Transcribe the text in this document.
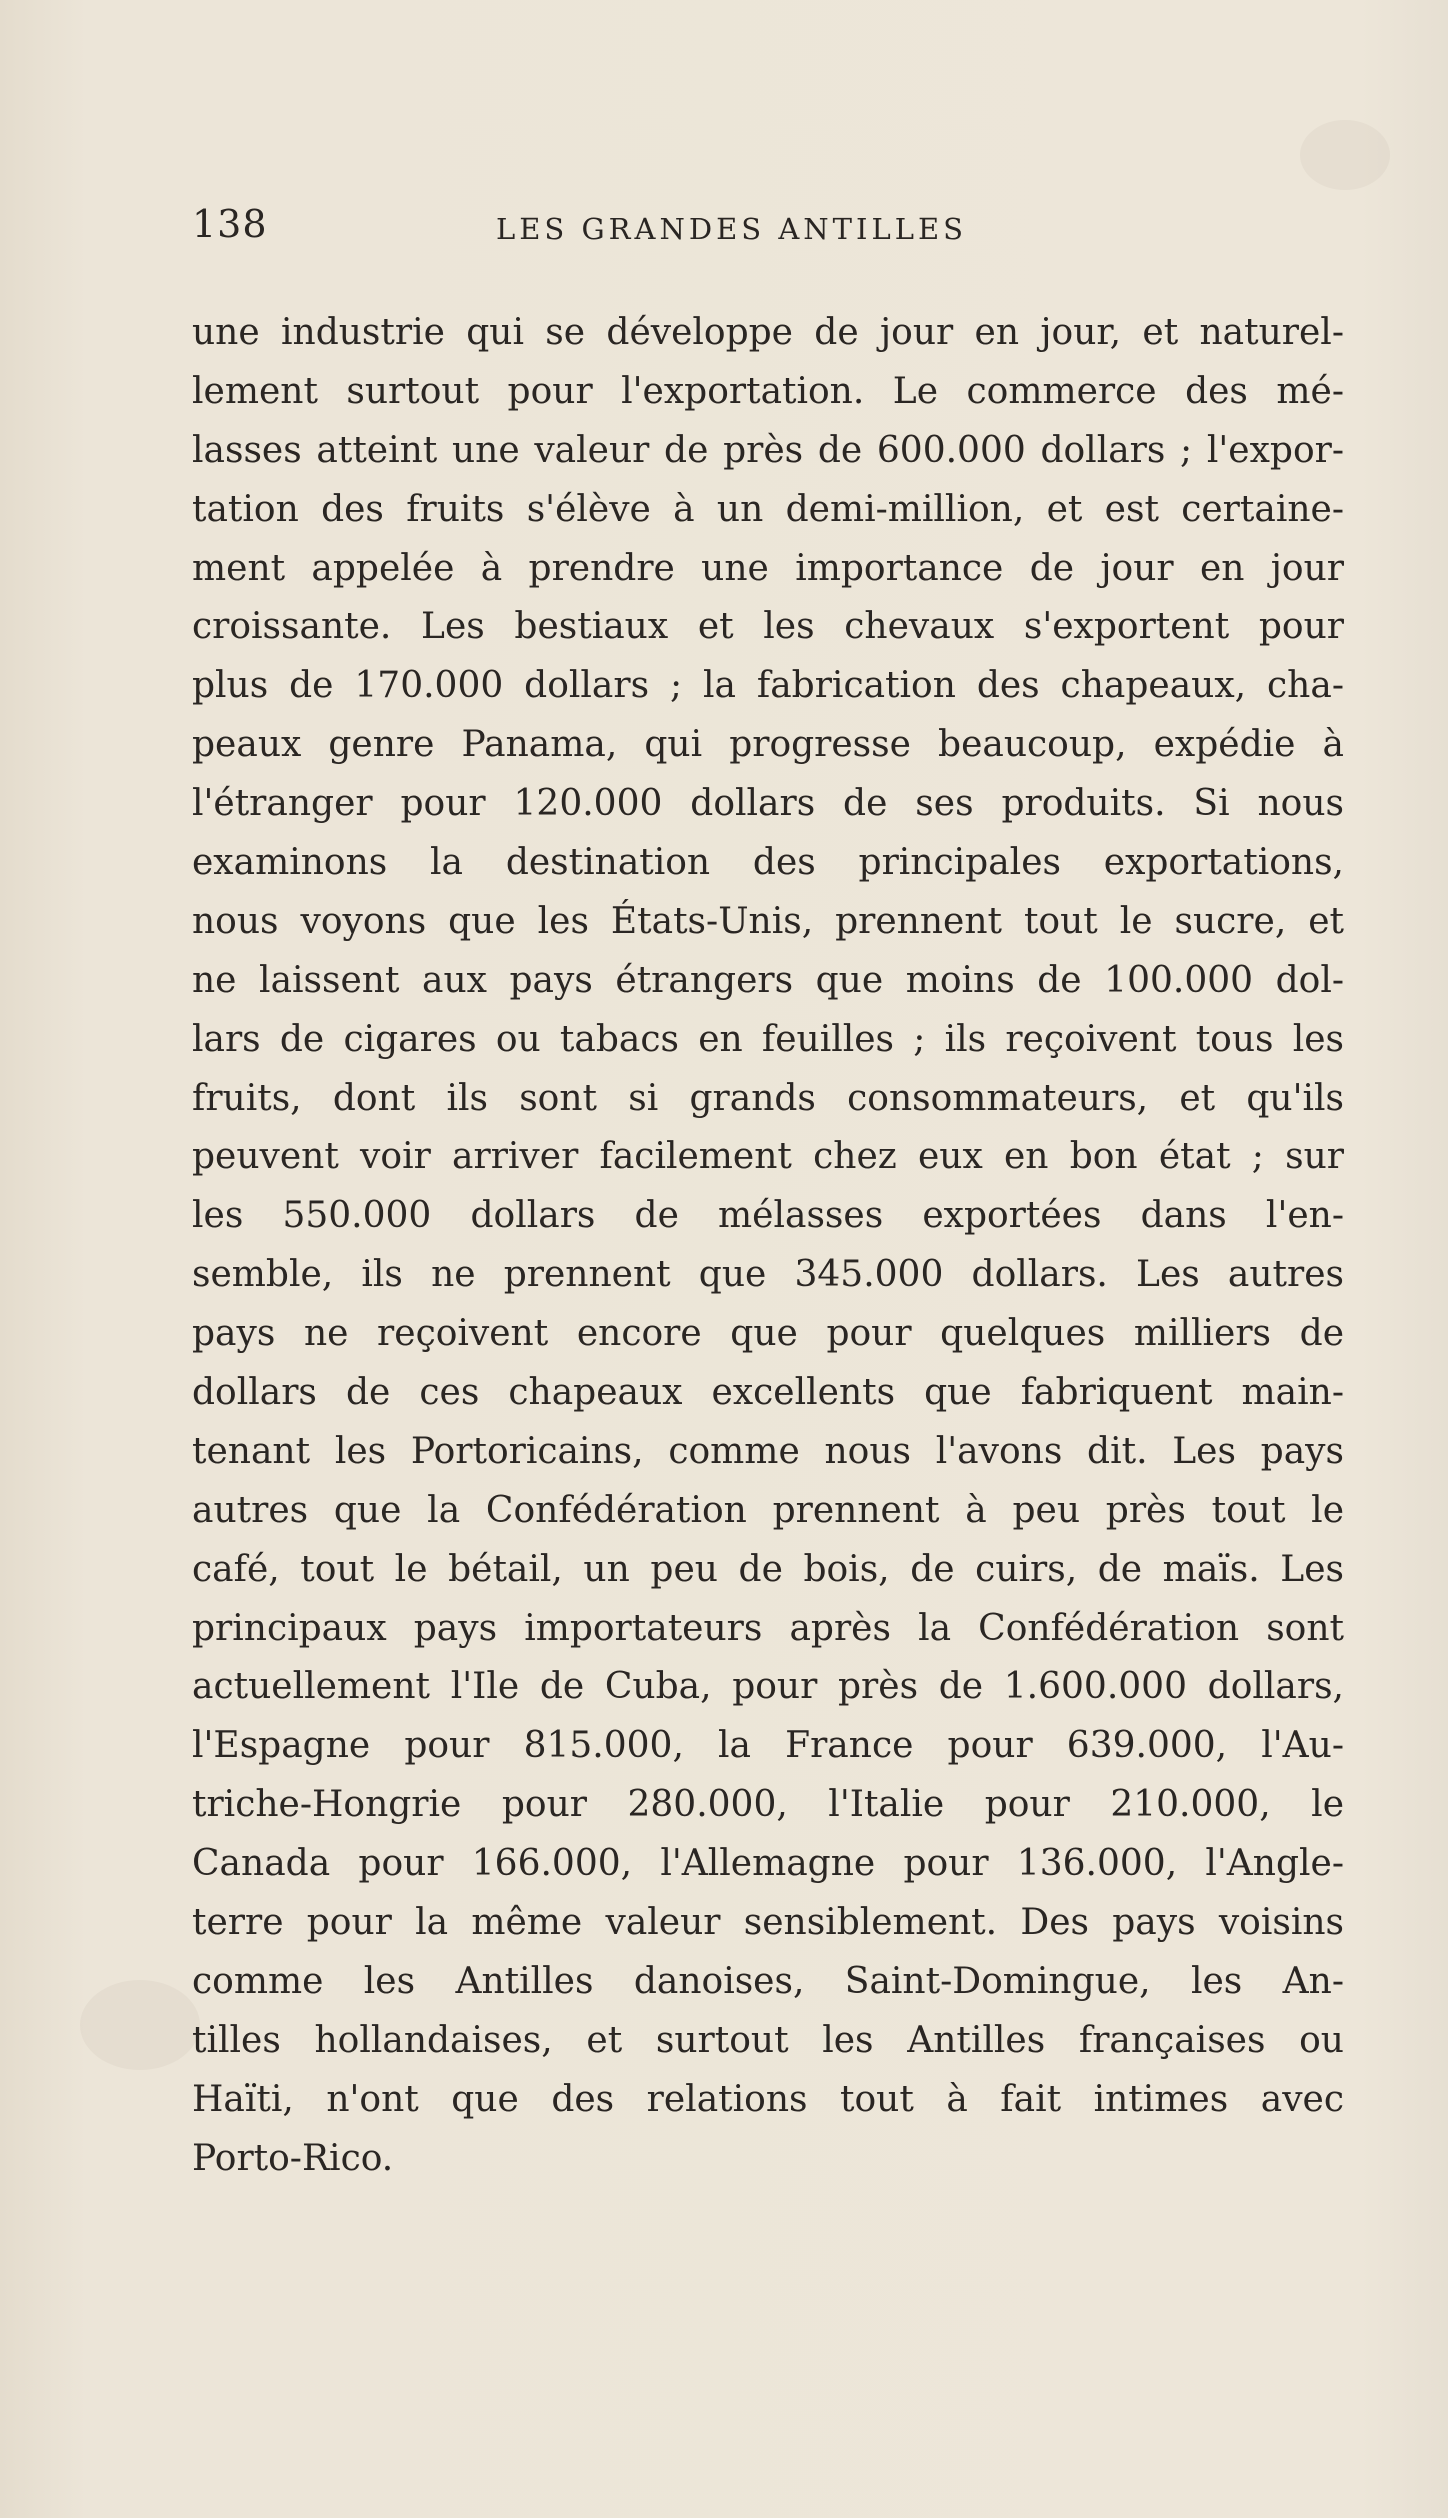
138	LES GRANDES ANTILLES
une industrie qui se développe de jour en jour, et naturel-
lement surtout pour l'exportation. Le commerce des mé-
lasses atteint une valeur de près de 600.000 dollars ; l'expor-
tation des fruits s'élève à un demi-million, et est certaine-
ment appelée à prendre une importance de jour en jour
croissante. Les bestiaux et les chevaux s'exportent pour
plus de 170.000 dollars ; la fabrication des chapeaux, cha-
peaux genre Panama, qui progresse beaucoup, expédie à
l'étranger pour 120.000 dollars de ses produits. Si nous
examinons la destination des principales exportations,
nous voyons que les États-Unis, prennent tout le sucre, et
ne laissent aux pays étrangers que moins de 100.000 dol-
lars de cigares ou tabacs en feuilles ; ils reçoivent tous les
fruits, dont ils sont si grands consommateurs, et qu'ils
peuvent voir arriver facilement chez eux en bon état ; sur
les 550.000 dollars de mélasses exportées dans l'en-
semble, ils ne prennent que 345.000 dollars. Les autres
pays ne reçoivent encore que pour quelques milliers de
dollars de ces chapeaux excellents que fabriquent main-
tenant les Portoricains, comme nous l'avons dit. Les pays
autres que la Confédération prennent à peu près tout le
café, tout le bétail, un peu de bois, de cuirs, de maïs. Les
principaux pays importateurs après la Confédération sont
actuellement l'Ile de Cuba, pour près de 1.600.000 dollars,
l'Espagne pour 815.000, la France pour 639.000, l'Au-
triche-Hongrie pour 280.000, l'Italie pour 210.000, le
Canada pour 166.000, l'Allemagne pour 136.000, l'Angle-
terre pour la même valeur sensiblement. Des pays voisins
comme les Antilles danoises, Saint-Domingue, les An-
tilles hollandaises, et surtout les Antilles françaises ou
Haïti, n'ont que des relations tout à fait intimes avec
Porto-Rico.
